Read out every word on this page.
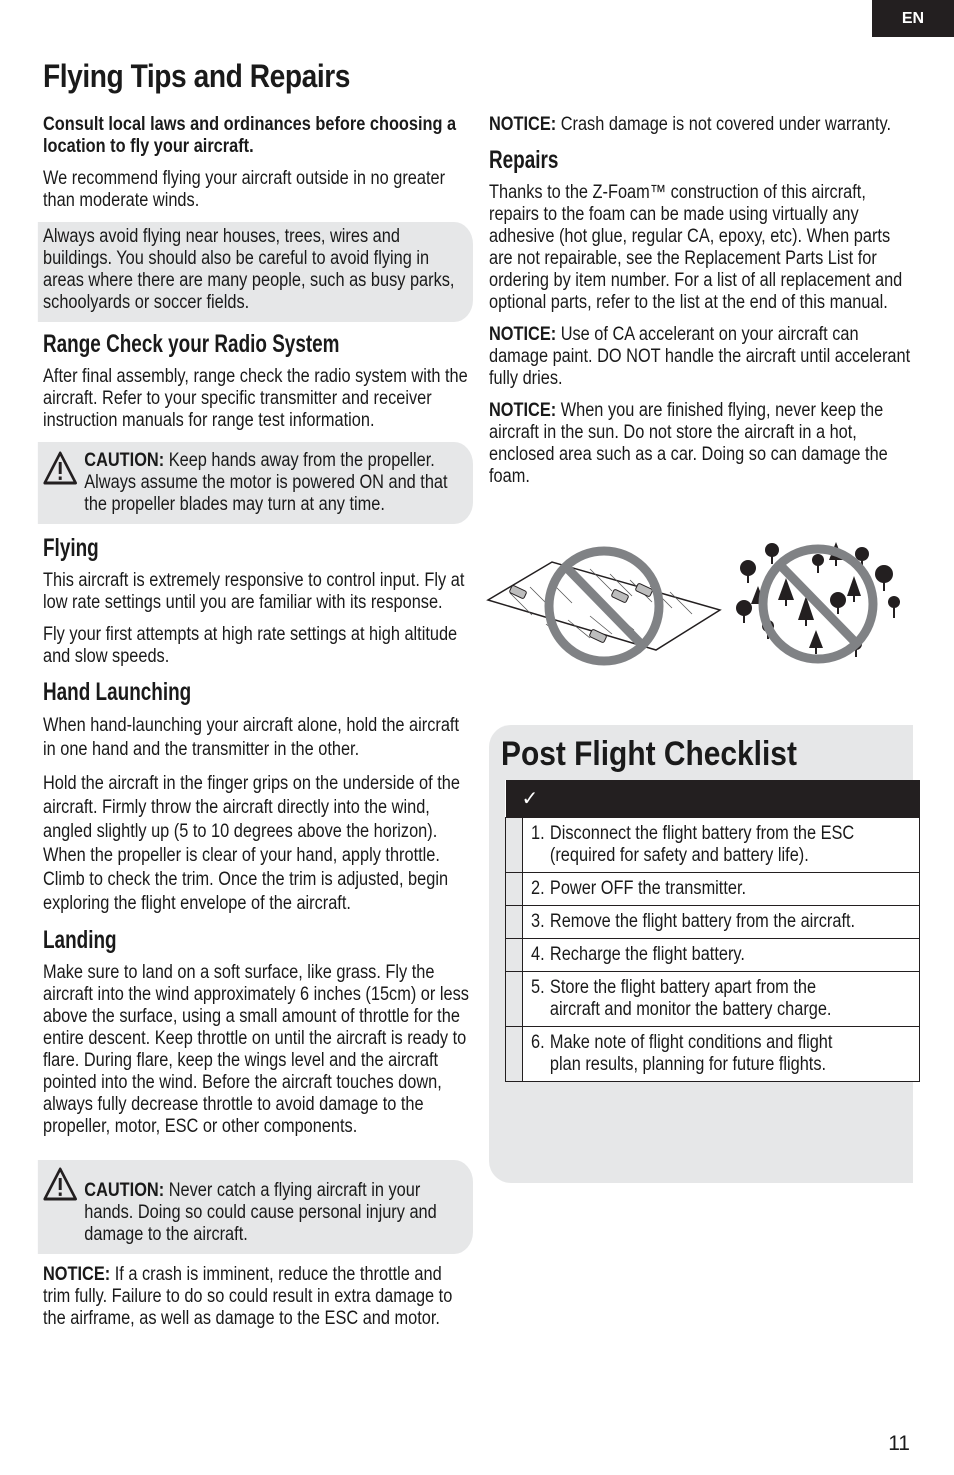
EN
Flying Tips and Repairs

Consult local laws and ordinances before choosing a location to fly your aircraft.

We recommend flying your aircraft outside in no greater than moderate winds.

Always avoid flying near houses, trees, wires and buildings. You should also be careful to avoid flying in areas where there are many people, such as busy parks, schoolyards or soccer fields.
Range Check your Radio System

After final assembly, range check the radio system with the aircraft. Refer to your specific transmitter and receiver instruction manuals for range test information.

CAUTION: Keep hands away from the propeller. Always assume the motor is powered ON and that the propeller blades may turn at any time.
Flying

This aircraft is extremely responsive to control input. Fly at low rate settings until you are familiar with its response.

Fly your first attempts at high rate settings at high altitude and slow speeds.

Hand Launching

When hand-launching your aircraft alone, hold the aircraft in one hand and the transmitter in the other.

Hold the aircraft in the finger grips on the underside of the aircraft. Firmly throw the aircraft directly into the wind, angled slightly up (5 to 10 degrees above the horizon). When the propeller is clear of your hand, apply throttle. Climb to check the trim. Once the trim is adjusted, begin exploring the flight envelope of the aircraft.

Landing

Make sure to land on a soft surface, like grass. Fly the aircraft into the wind approximately 6 inches (15cm) or less above the surface, using a small amount of throttle for the entire descent. Keep throttle on until the aircraft is ready to flare. During flare, keep the wings level and the aircraft pointed into the wind. Before the aircraft touches down, always fully decrease throttle to avoid damage to the propeller, motor, ESC or other components.

CAUTION: Never catch a flying aircraft in your hands. Doing so could cause personal injury and damage to the aircraft.

NOTICE: If a crash is imminent, reduce the throttle and trim fully. Failure to do so could result in extra damage to the airframe, as well as damage to the ESC and motor.

NOTICE: Crash damage is not covered under warranty.

Repairs

Thanks to the Z-Foam™ construction of this aircraft, repairs to the foam can be made using virtually any adhesive (hot glue, regular CA, epoxy, etc). When parts are not repairable, see the Replacement Parts List for ordering by item number. For a list of all replacement and optional parts, refer to the list at the end of this manual.

NOTICE: Use of CA accelerant on your aircraft can damage paint. DO NOT handle the aircraft until accelerant fully dries.

NOTICE: When you are finished flying, never keep the aircraft in the sun. Do not store the aircraft in a hot, enclosed area such as a car. Doing so can damage the foam.

Post Flight Checklist
✓	

	1. Disconnect the flight battery from the ESC (required for safety and battery life).

	2. Power OFF the transmitter.

	3. Remove the flight battery from the aircraft.

	4. Recharge the flight battery.

	5. Store the flight battery apart from the aircraft and monitor the battery charge.

	6. Make note of flight conditions and flight plan results, planning for future flights.
11
